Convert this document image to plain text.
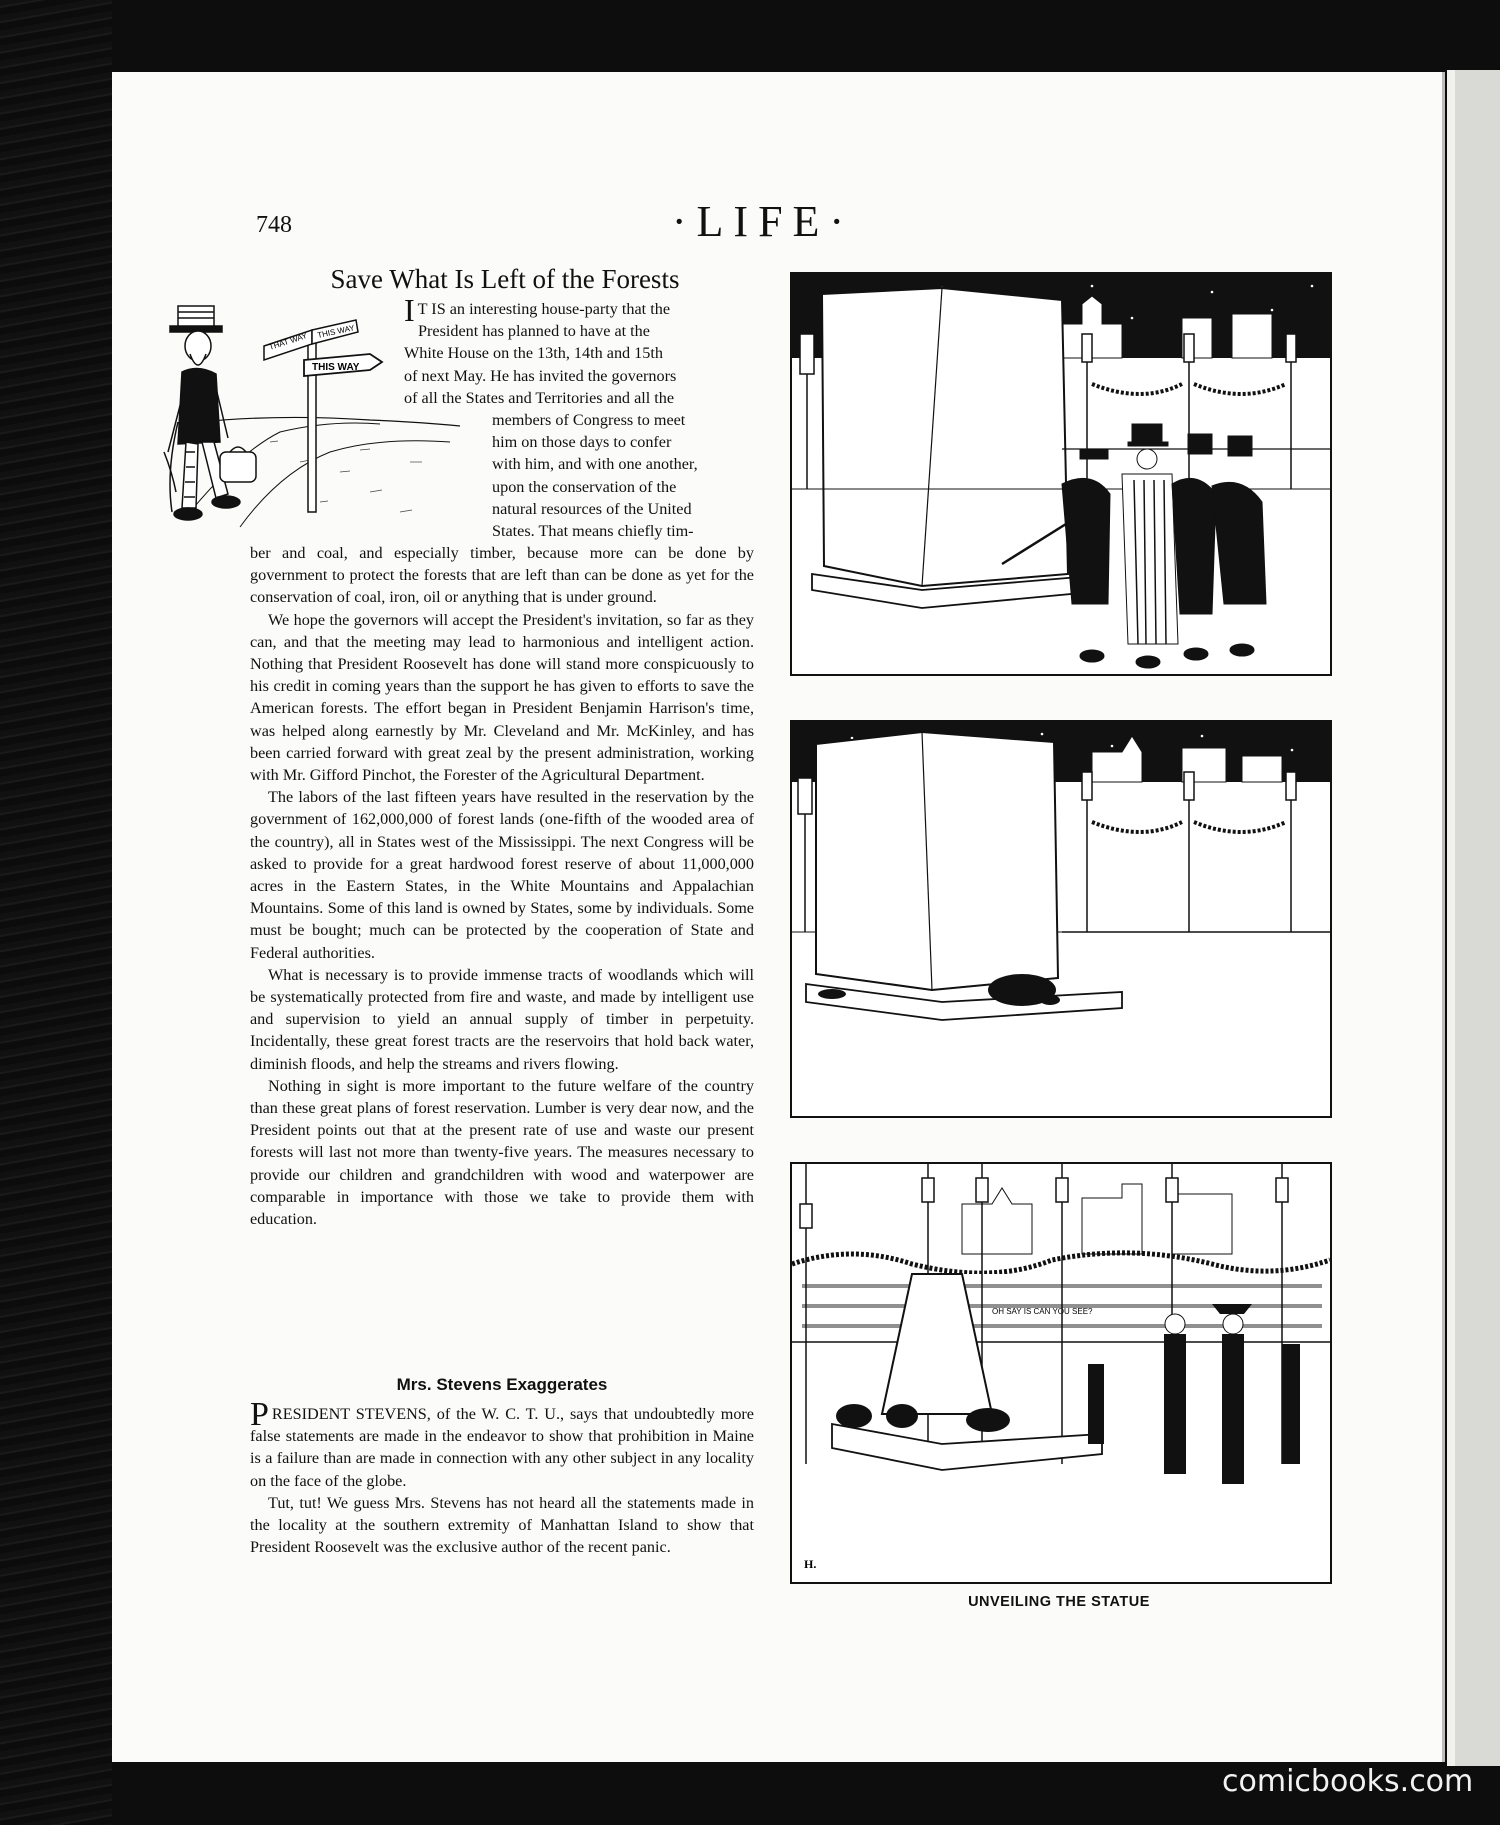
748	·LIFE·
Save What Is Left of the Forests
THAT WAY THIS WAY
THIS WAY

I T IS an interesting house-party that the

President has planned to have at the

White House on the 13th, 14th and 15th

of next May. He has invited the governors

of all the States and Territories and all the

members of Congress to meet

him on those days to confer

with him, and with one another,

upon the conservation of the

natural resources of the United

States. That means chiefly tim-

ber and coal, and especially timber, because more can be done by government to protect the forests that are left than can be done as yet for the conservation of coal, iron, oil or anything that is under ground.

We hope the governors will accept the President's invitation, so far as they can, and that the meeting may lead to harmonious and intelligent action. Nothing that President Roosevelt has done will stand more conspicuously to his credit in coming years than the support he has given to efforts to save the American forests. The effort began in President Benjamin Harrison's time, was helped along earnestly by Mr. Cleveland and Mr. McKinley, and has been carried forward with great zeal by the present administration, working with Mr. Gifford Pinchot, the Forester of the Agricultural Department.

The labors of the last fifteen years have resulted in the reservation by the government of 162,000,000 of forest lands (one-fifth of the wooded area of the country), all in States west of the Mississippi. The next Congress will be asked to provide for a great hardwood forest reserve of about 11,000,000 acres in the Eastern States, in the White Mountains and Appalachian Mountains. Some of this land is owned by States, some by individuals. Some must be bought; much can be protected by the cooperation of State and Federal authorities.

What is necessary is to provide immense tracts of woodlands which will be systematically protected from fire and waste, and made by intelligent use and supervision to yield an annual supply of timber in perpetuity. Incidentally, these great forest tracts are the reservoirs that hold back water, diminish floods, and help the streams and rivers flowing.

Nothing in sight is more important to the future welfare of the country than these great plans of forest reservation. Lumber is very dear now, and the President points out that at the present rate of use and waste our present forests will last not more than twenty-five years. The measures necessary to provide our children and grandchildren with wood and waterpower are comparable in importance with those we take to provide them with education.

Mrs. Stevens Exaggerates

PRESIDENT STEVENS, of the W. C. T. U., says that undoubtedly more false statements are made in the endeavor to show that prohibition in Maine is a failure than are made in connection with any other subject in any locality on the face of the globe.

Tut, tut! We guess Mrs. Stevens has not heard all the statements made in the locality at the southern extremity of Manhattan Island to show that President Roosevelt was the exclusive author of the recent panic.

OH SAY IS CAN YOU SEE?
H.
UNVEILING THE STATUE
comicbooks.com
